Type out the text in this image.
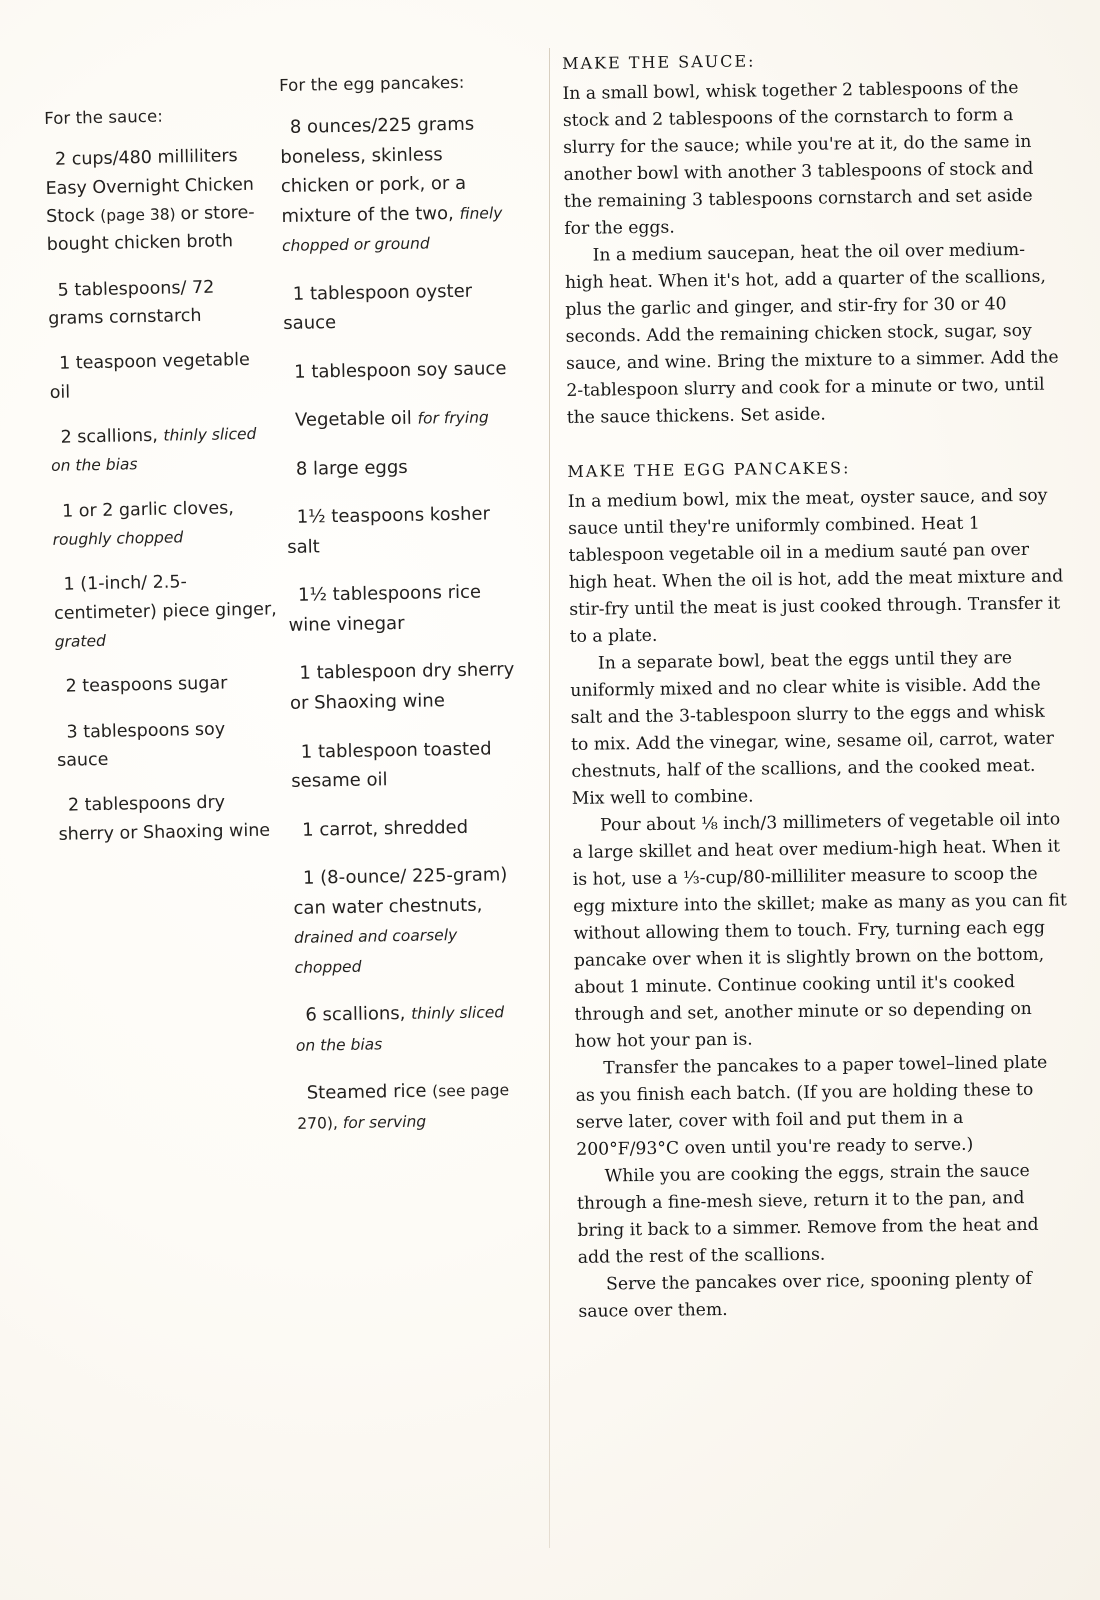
For the sauce:
2 cups/480 milliliters Easy Overnight Chicken Stock (page 38) or store-bought chicken broth
5 tablespoons/ 72 grams cornstarch
1 teaspoon vegetable oil
2 scallions, thinly sliced on the bias
1 or 2 garlic cloves, roughly chopped
1 (1-inch/ 2.5-centimeter) piece ginger, grated
2 teaspoons sugar
3 tablespoons soy sauce
2 tablespoons dry sherry or Shaoxing wine
For the egg pancakes:
8 ounces/225 grams boneless, skinless chicken or pork, or a mixture of the two, finely chopped or ground
1 tablespoon oyster sauce
1 tablespoon soy sauce
Vegetable oil for frying
8 large eggs
1½ teaspoons kosher salt
1½ tablespoons rice wine vinegar
1 tablespoon dry sherry or Shaoxing wine
1 tablespoon toasted sesame oil
1 carrot, shredded
1 (8-ounce/ 225-gram) can water chestnuts, drained and coarsely chopped
6 scallions, thinly sliced on the bias
Steamed rice (see page 270), for serving
MAKE THE SAUCE:

In a small bowl, whisk together 2 tablespoons of the stock and 2 tablespoons of the cornstarch to form a slurry for the sauce; while you're at it, do the same in another bowl with another 3 tablespoons of stock and the remaining 3 tablespoons cornstarch and set aside for the eggs.

In a medium saucepan, heat the oil over medium-high heat. When it's hot, add a quarter of the scallions, plus the garlic and ginger, and stir-fry for 30 or 40 seconds. Add the remaining chicken stock, sugar, soy sauce, and wine. Bring the mixture to a simmer. Add the 2-tablespoon slurry and cook for a minute or two, until the sauce thickens. Set aside.

MAKE THE EGG PANCAKES:

In a medium bowl, mix the meat, oyster sauce, and soy sauce until they're uniformly combined. Heat 1 tablespoon vegetable oil in a medium sauté pan over high heat. When the oil is hot, add the meat mixture and stir-fry until the meat is just cooked through. Transfer it to a plate.

In a separate bowl, beat the eggs until they are uniformly mixed and no clear white is visible. Add the salt and the 3-tablespoon slurry to the eggs and whisk to mix. Add the vinegar, wine, sesame oil, carrot, water chestnuts, half of the scallions, and the cooked meat. Mix well to combine.

Pour about ⅛ inch/3 millimeters of vegetable oil into a large skillet and heat over medium-high heat. When it is hot, use a ⅓-cup/80-milliliter measure to scoop the egg mixture into the skillet; make as many as you can fit without allowing them to touch. Fry, turning each egg pancake over when it is slightly brown on the bottom, about 1 minute. Continue cooking until it's cooked through and set, another minute or so depending on how hot your pan is.

Transfer the pancakes to a paper towel–lined plate as you finish each batch. (If you are holding these to serve later, cover with foil and put them in a 200°F/93°C oven until you're ready to serve.)

While you are cooking the eggs, strain the sauce through a fine-mesh sieve, return it to the pan, and bring it back to a simmer. Remove from the heat and add the rest of the scallions.

Serve the pancakes over rice, spooning plenty of sauce over them.
